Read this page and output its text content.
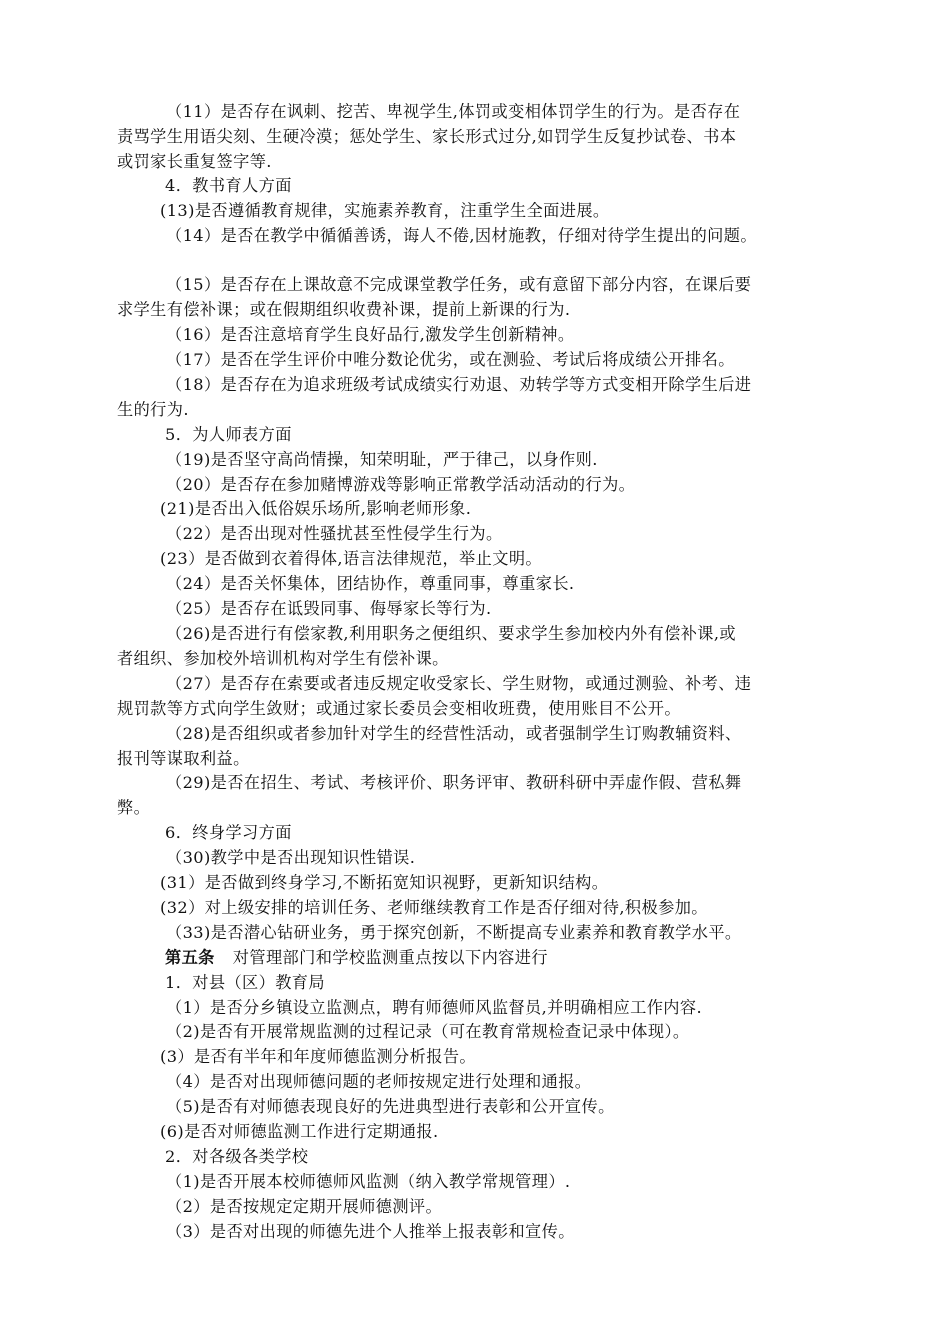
（11）是否存在讽刺、挖苦、卑视学生,体罚或变相体罚学生的行为。是否存在
责骂学生用语尖刻、生硬冷漠；惩处学生、家长形式过分,如罚学生反复抄试卷、书本
或罚家长重复签字等.
4．教书育人方面
(13)是否遵循教育规律，实施素养教育，注重学生全面进展。
（14）是否在教学中循循善诱，诲人不倦,因材施教，仔细对待学生提出的问题。
（15）是否存在上课故意不完成课堂教学任务，或有意留下部分内容，在课后要
求学生有偿补课；或在假期组织收费补课，提前上新课的行为.
（16）是否注意培育学生良好品行,激发学生创新精神。
（17）是否在学生评价中唯分数论优劣，或在测验、考试后将成绩公开排名。
（18）是否存在为追求班级考试成绩实行劝退、劝转学等方式变相开除学生后进
生的行为.
5．为人师表方面
（19)是否坚守高尚情操，知荣明耻，严于律己，以身作则.
（20）是否存在参加赌博游戏等影响正常教学活动活动的行为。
(21)是否出入低俗娱乐场所,影响老师形象.
（22）是否出现对性骚扰甚至性侵学生行为。
(23）是否做到衣着得体,语言法律规范，举止文明。
（24）是否关怀集体，团结协作，尊重同事，尊重家长.
（25）是否存在诋毁同事、侮辱家长等行为.
（26)是否进行有偿家教,利用职务之便组织、要求学生参加校内外有偿补课,或
者组织、参加校外培训机构对学生有偿补课。
（27）是否存在索要或者违反规定收受家长、学生财物，或通过测验、补考、违
规罚款等方式向学生敛财；或通过家长委员会变相收班费，使用账目不公开。
（28)是否组织或者参加针对学生的经营性活动，或者强制学生订购教辅资料、
报刊等谋取利益。
（29)是否在招生、考试、考核评价、职务评审、教研科研中弄虚作假、营私舞
弊。
6．终身学习方面
（30)教学中是否出现知识性错误.
(31）是否做到终身学习,不断拓宽知识视野，更新知识结构。
(32）对上级安排的培训任务、老师继续教育工作是否仔细对待,积极参加。
（33)是否潜心钻研业务，勇于探究创新，不断提高专业素养和教育教学水平。
第五条 对管理部门和学校监测重点按以下内容进行
1．对县（区）教育局
（1）是否分乡镇设立监测点，聘有师德师风监督员,并明确相应工作内容.
（2)是否有开展常规监测的过程记录（可在教育常规检查记录中体现）。
(3）是否有半年和年度师德监测分析报告。
（4）是否对出现师德问题的老师按规定进行处理和通报。
（5)是否有对师德表现良好的先进典型进行表彰和公开宣传。
(6)是否对师德监测工作进行定期通报.
2．对各级各类学校
（1)是否开展本校师德师风监测（纳入教学常规管理）.
（2）是否按规定定期开展师德测评。
（3）是否对出现的师德先进个人推举上报表彰和宣传。
